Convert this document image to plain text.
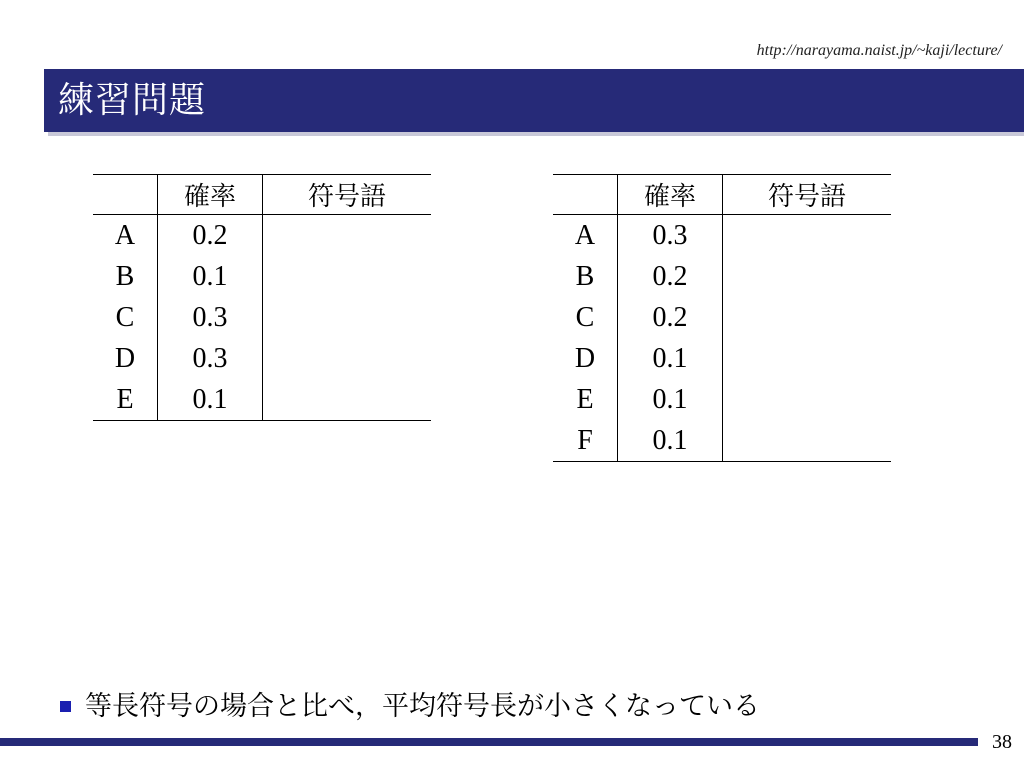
http://narayama.naist.jp/~kaji/lecture/
練習問題
	確率	符号語
A	0.2	
B	0.1	
C	0.3	
D	0.3	
E	0.1	
	確率	符号語
A	0.3	
B	0.2	
C	0.2	
D	0.1	
E	0.1	
F	0.1	
等長符号の場合と比べ，平均符号長が小さくなっている
38
